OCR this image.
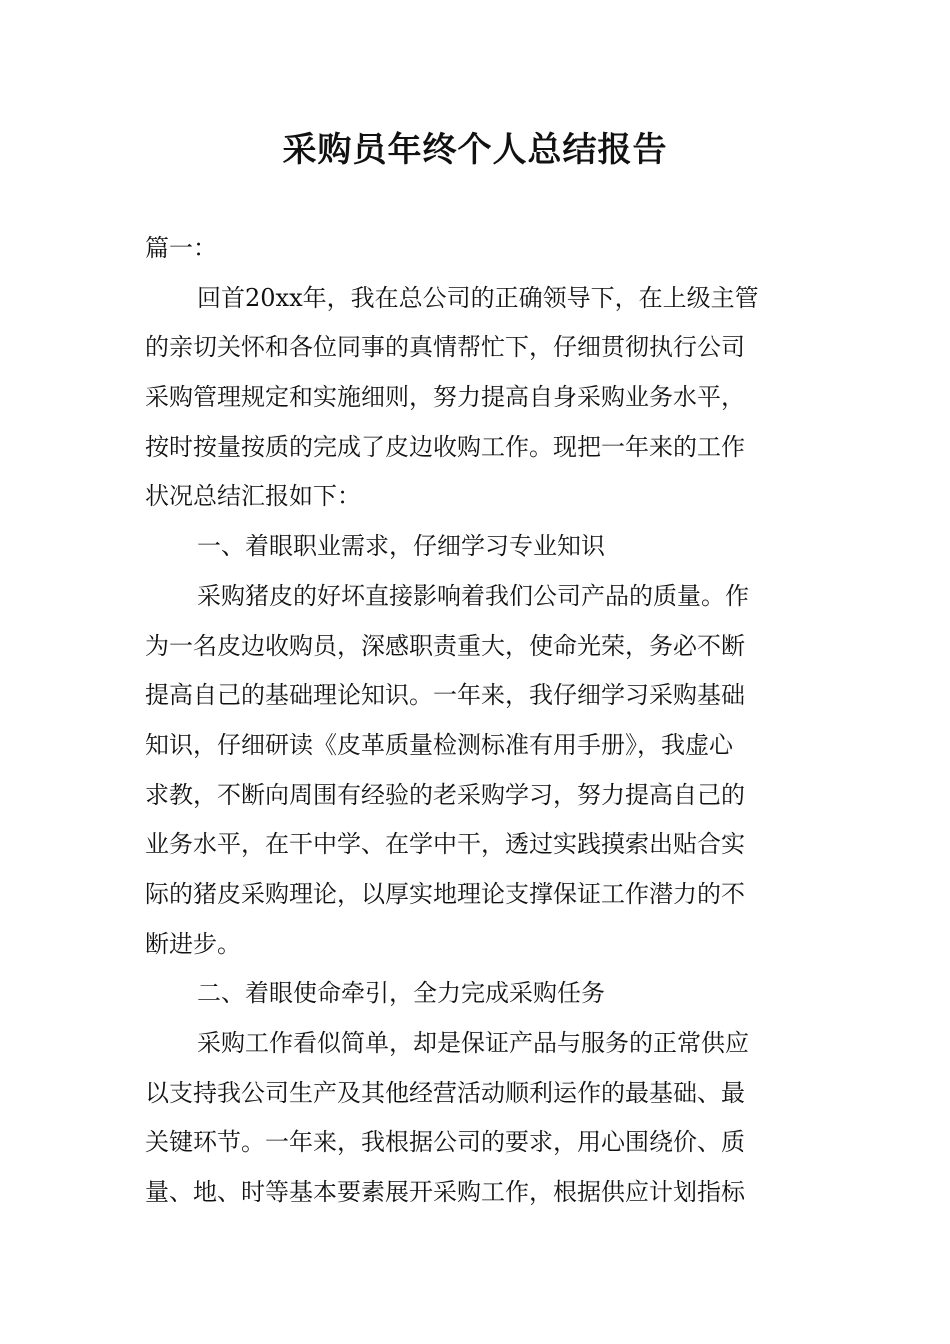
采购员年终个人总结报告
篇一：
回首20xx年，我在总公司的正确领导下，在上级主管
的亲切关怀和各位同事的真情帮忙下，仔细贯彻执行公司
采购管理规定和实施细则，努力提高自身采购业务水平，
按时按量按质的完成了皮边收购工作。现把一年来的工作
状况总结汇报如下：
一、着眼职业需求，仔细学习专业知识
采购猪皮的好坏直接影响着我们公司产品的质量。作
为一名皮边收购员，深感职责重大，使命光荣，务必不断
提高自己的基础理论知识。一年来，我仔细学习采购基础
知识，仔细研读《皮革质量检测标准有用手册》，我虚心
求教，不断向周围有经验的老采购学习，努力提高自己的
业务水平，在干中学、在学中干，透过实践摸索出贴合实
际的猪皮采购理论，以厚实地理论支撑保证工作潜力的不
断进步。
二、着眼使命牵引，全力完成采购任务
采购工作看似简单，却是保证产品与服务的正常供应
以支持我公司生产及其他经营活动顺利运作的最基础、最
关键环节。一年来，我根据公司的要求，用心围绕价、质
量、地、时等基本要素展开采购工作，根据供应计划指标
